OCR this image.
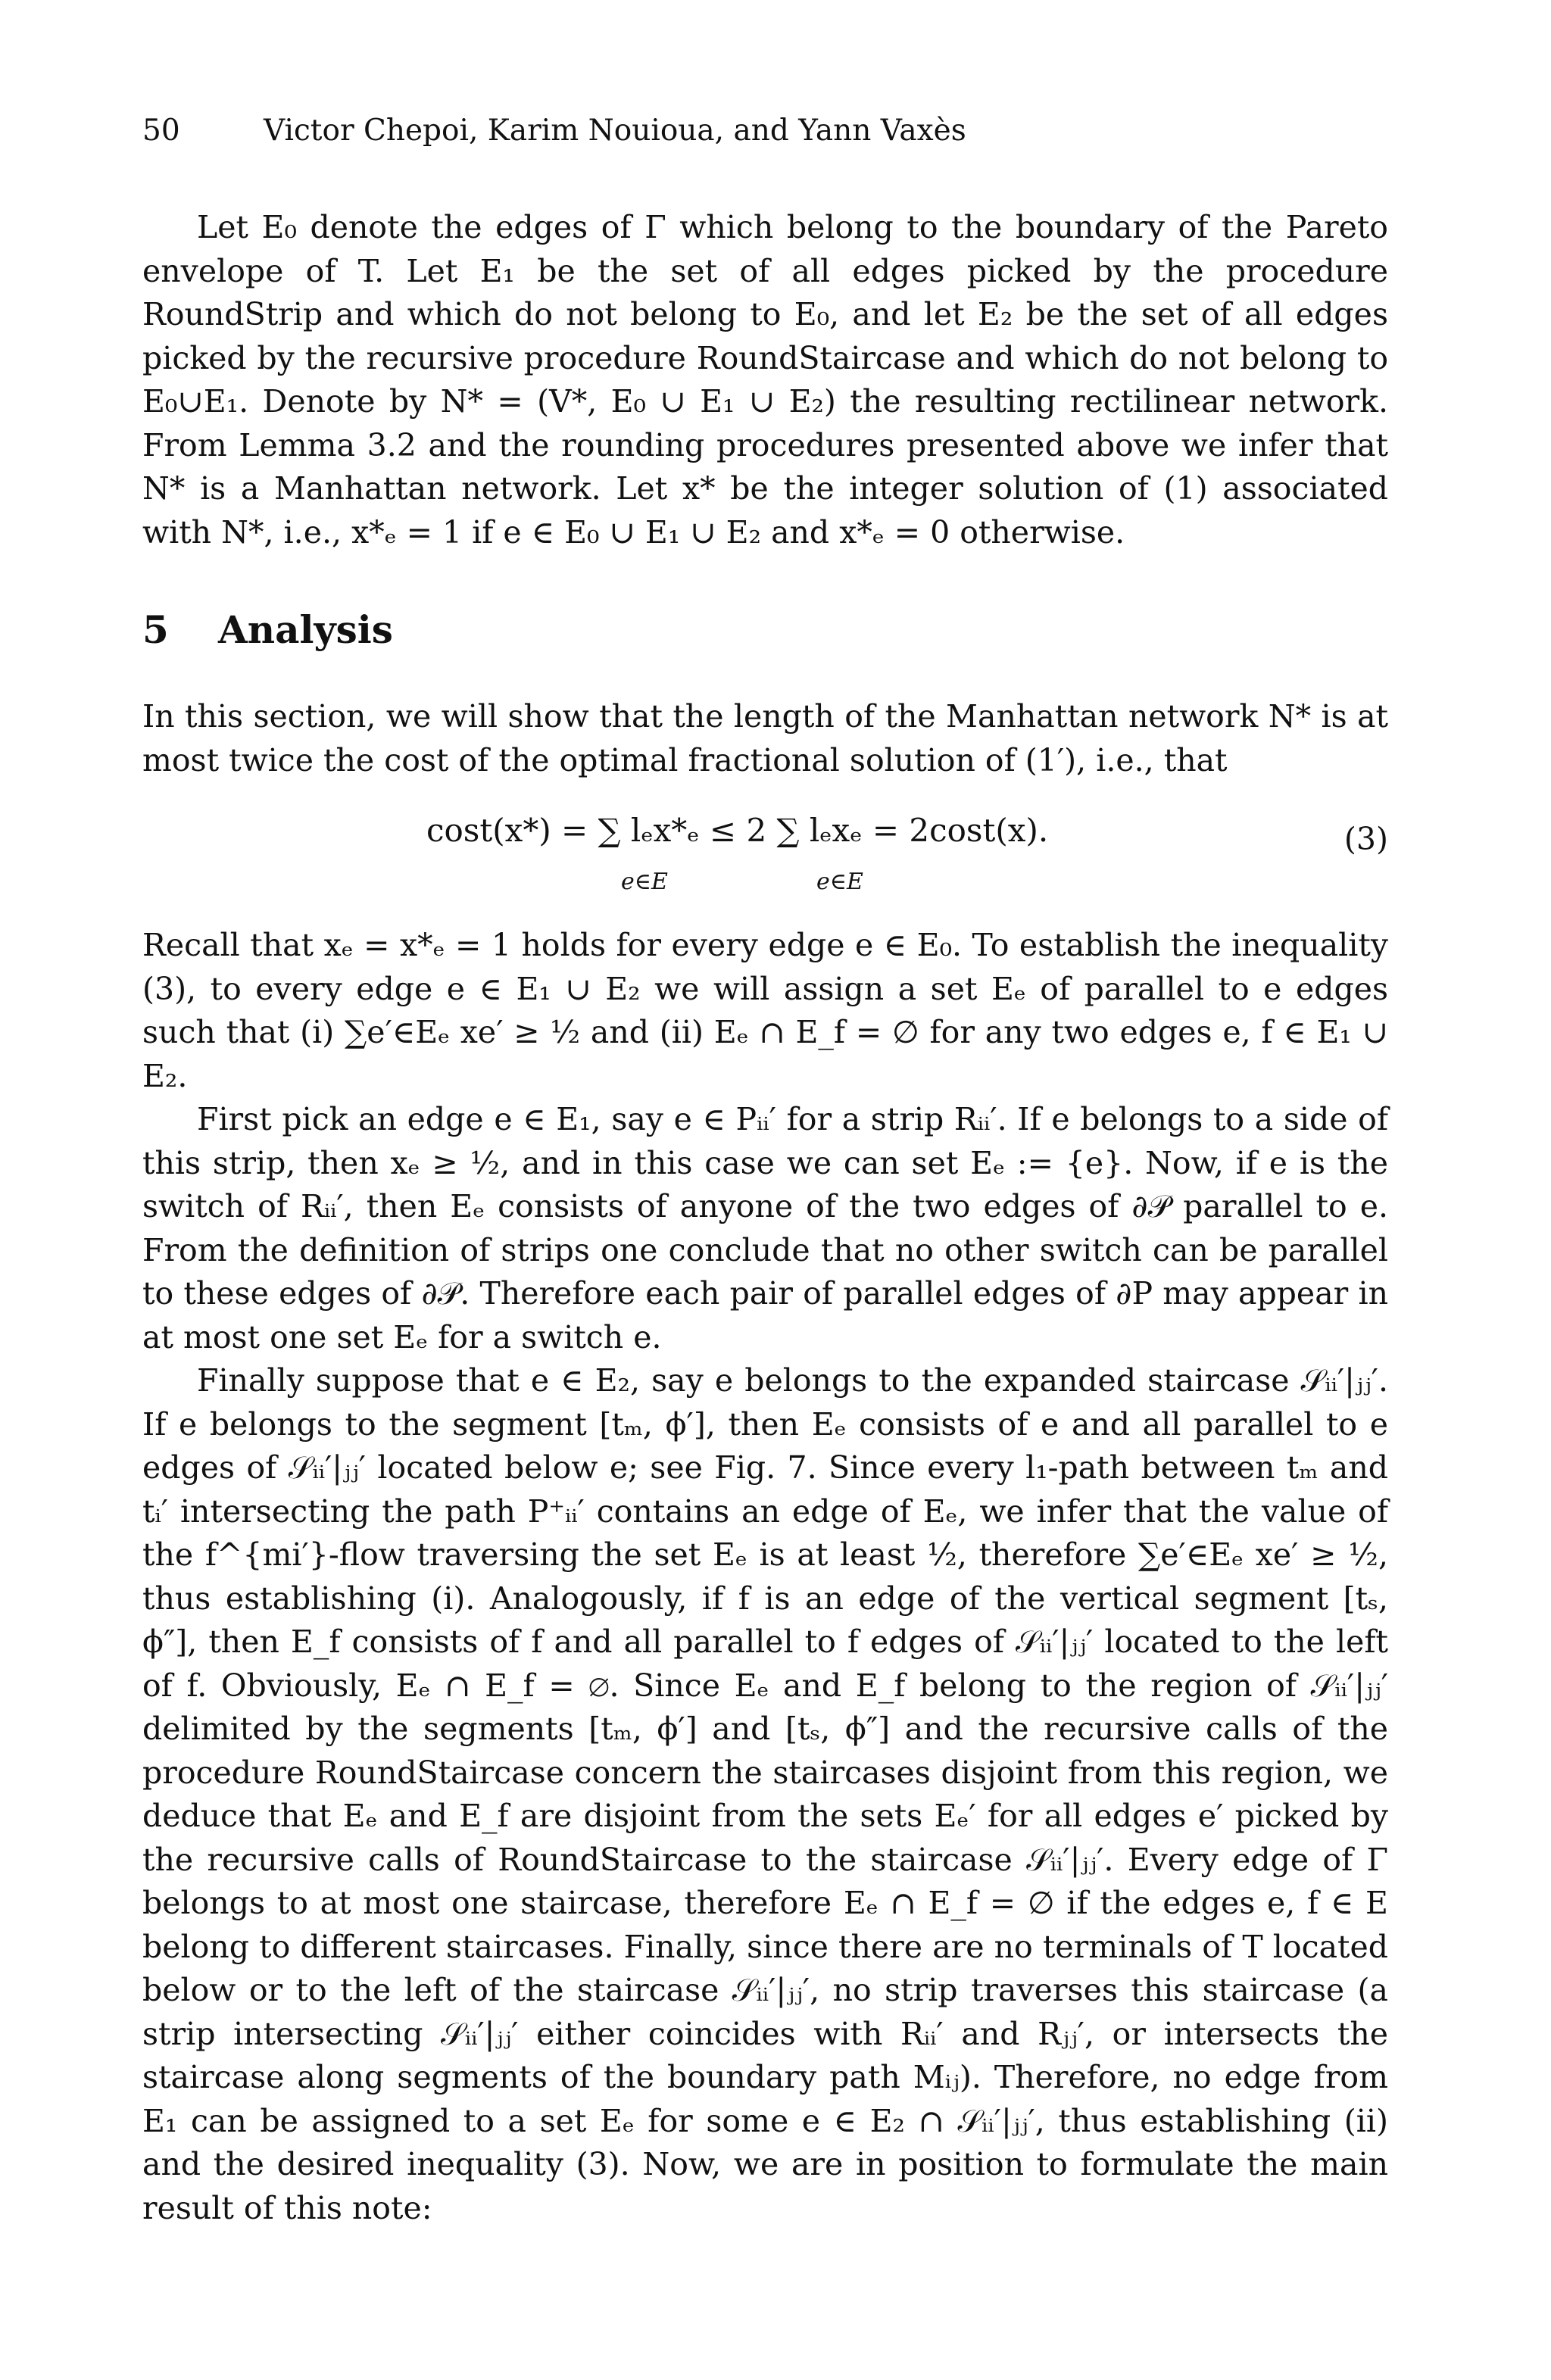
50	Victor Chepoi, Karim Nouioua, and Yann Vaxès

Let E₀ denote the edges of Γ which belong to the boundary of the Pareto envelope of T. Let E₁ be the set of all edges picked by the procedure RoundStrip and which do not belong to E₀, and let E₂ be the set of all edges picked by the recursive procedure RoundStaircase and which do not belong to E₀∪E₁. Denote by N* = (V*, E₀ ∪ E₁ ∪ E₂) the resulting rectilinear network. From Lemma 3.2 and the rounding procedures presented above we infer that N* is a Manhattan network. Let x* be the integer solution of (1) associated with N*, i.e., x*ₑ = 1 if e ∈ E₀ ∪ E₁ ∪ E₂ and x*ₑ = 0 otherwise.

5 Analysis

In this section, we will show that the length of the Manhattan network N* is at most twice the cost of the optimal fractional solution of (1′), i.e., that

cost(x*) = ∑ lₑx*ₑ ≤ 2 ∑ lₑxₑ = 2cost(x).
e∈E	e∈E
(3)

Recall that xₑ = x*ₑ = 1 holds for every edge e ∈ E₀. To establish the inequality (3), to every edge e ∈ E₁ ∪ E₂ we will assign a set Eₑ of parallel to e edges such that (i) ∑e′∈Eₑ xe′ ≥ ½ and (ii) Eₑ ∩ E_f = ∅ for any two edges e, f ∈ E₁ ∪ E₂.

First pick an edge e ∈ E₁, say e ∈ Pᵢᵢ′ for a strip Rᵢᵢ′. If e belongs to a side of this strip, then xₑ ≥ ½, and in this case we can set Eₑ := {e}. Now, if e is the switch of Rᵢᵢ′, then Eₑ consists of anyone of the two edges of ∂𝒫 parallel to e. From the definition of strips one conclude that no other switch can be parallel to these edges of ∂𝒫. Therefore each pair of parallel edges of ∂P may appear in at most one set Eₑ for a switch e.

Finally suppose that e ∈ E₂, say e belongs to the expanded staircase 𝒮ᵢᵢ′|ⱼⱼ′. If e belongs to the segment [tₘ, ϕ′], then Eₑ consists of e and all parallel to e edges of 𝒮ᵢᵢ′|ⱼⱼ′ located below e; see Fig. 7. Since every l₁-path between tₘ and tᵢ′ intersecting the path P⁺ᵢᵢ′ contains an edge of Eₑ, we infer that the value of the f^{mi′}-flow traversing the set Eₑ is at least ½, therefore ∑e′∈Eₑ xe′ ≥ ½, thus establishing (i). Analogously, if f is an edge of the vertical segment [tₛ, ϕ″], then E_f consists of f and all parallel to f edges of 𝒮ᵢᵢ′|ⱼⱼ′ located to the left of f. Obviously, Eₑ ∩ E_f = ∅. Since Eₑ and E_f belong to the region of 𝒮ᵢᵢ′|ⱼⱼ′ delimited by the segments [tₘ, ϕ′] and [tₛ, ϕ″] and the recursive calls of the procedure RoundStaircase concern the staircases disjoint from this region, we deduce that Eₑ and E_f are disjoint from the sets Eₑ′ for all edges e′ picked by the recursive calls of RoundStaircase to the staircase 𝒮ᵢᵢ′|ⱼⱼ′. Every edge of Γ belongs to at most one staircase, therefore Eₑ ∩ E_f = ∅ if the edges e, f ∈ E belong to different staircases. Finally, since there are no terminals of T located below or to the left of the staircase 𝒮ᵢᵢ′|ⱼⱼ′, no strip traverses this staircase (a strip intersecting 𝒮ᵢᵢ′|ⱼⱼ′ either coincides with Rᵢᵢ′ and Rⱼⱼ′, or intersects the staircase along segments of the boundary path Mᵢⱼ). Therefore, no edge from E₁ can be assigned to a set Eₑ for some e ∈ E₂ ∩ 𝒮ᵢᵢ′|ⱼⱼ′, thus establishing (ii) and the desired inequality (3). Now, we are in position to formulate the main result of this note:
